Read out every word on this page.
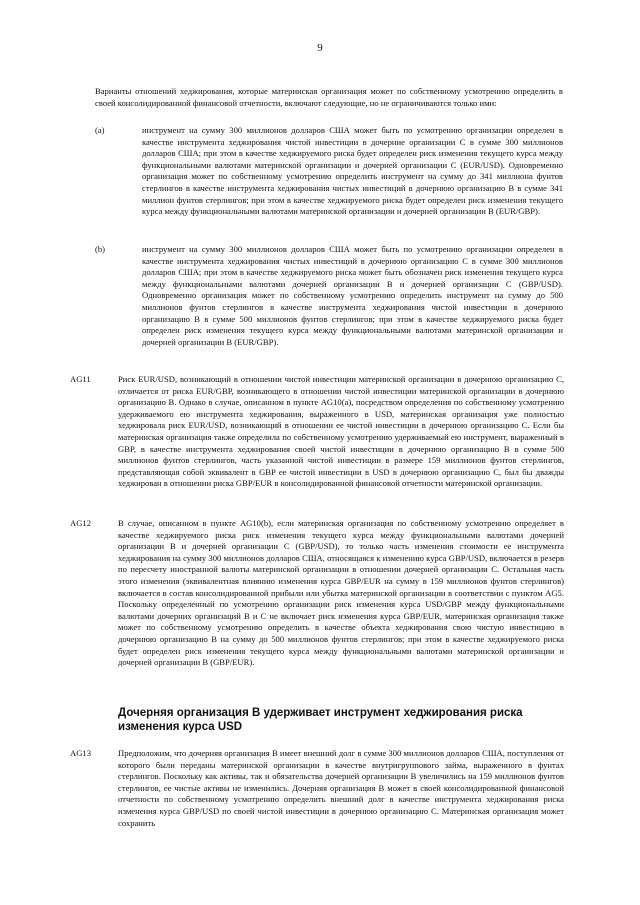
9
Варианты отношений хеджирования, которые материнская организация может по собственному усмотрению определить в своей консолидированной финансовой отчетности, включают следующие, но не ограничиваются только ими:
(a)	инструмент на сумму 300 миллионов долларов США может быть по усмотрению организации определен в качестве инструмента хеджирования чистой инвестиции в дочерние организации С в сумме 300 миллионов долларов США; при этом в качестве хеджируемого риска будет определен риск изменения текущего курса между функциональными валютами материнской организации и дочерней организации С (EUR/USD). Одновременно организация может по собственному усмотрению определить инструмент на сумму до 341 миллиона фунтов стерлингов в качестве инструмента хеджирования чистых инвестиций в дочернюю организацию В в сумме 341 миллион фунтов стерлингов; при этом в качестве хеджируемого риска будет определен риск изменения текущего курса между функциональными валютами материнской организации и дочерней организации В (EUR/GBP).
(b)	инструмент на сумму 300 миллионов долларов США может быть по усмотрению организации определен в качестве инструмента хеджирования чистых инвестиций в дочернюю организацию С в сумме 300 миллионов долларов США; при этом в качестве хеджируемого риска может быть обозначен риск изменения текущего курса между функциональными валютами дочерней организации В и дочерней организации С (GBP/USD). Одновременно организация может по собственному усмотрению определить инструмент на сумму до 500 миллионов фунтов стерлингов в качестве инструмента хеджирования чистой инвестиции в дочернюю организацию В в сумме 500 миллионов фунтов стерлингов; при этом в качестве хеджируемого риска будет определен риск изменения текущего курса между функциональными валютами материнской организации и дочерней организации В (EUR/GBP).
AG11	Риск EUR/USD, возникающий в отношении чистой инвестиции материнской организации в дочернюю организацию С, отличается от риска EUR/GBP, возникающего в отношении чистой инвестиции материнской организации в дочернюю организацию В. Однако в случае, описанном в пункте AG10(a), посредством определения по собственному усмотрению удерживаемого ею инструмента хеджирования, выраженного в USD, материнская организация уже полностью хеджировала риск EUR/USD, возникающий в отношении ее чистой инвестиции в дочернюю организацию С. Если бы материнская организация также определила по собственному усмотрению удерживаемый ею инструмент, выраженный в GBP, в качестве инструмента хеджирования своей чистой инвестиции в дочернюю организацию В в сумме 500 миллионов фунтов стерлингов, часть указанной чистой инвестиции в размере 159 миллионов фунтов стерлингов, представляющая собой эквивалент в GBP ее чистой инвестиции в USD в дочернюю организацию С, был бы дважды хеджирован в отношении риска GBP/EUR в консолидированной финансовой отчетности материнской организации.
AG12	В случае, описанном в пункте AG10(b), если материнская организация по собственному усмотрению определяет в качестве хеджируемого риска риск изменения текущего курса между функциональными валютами дочерней организации В и дочерней организации С (GBP/USD), то только часть изменения стоимости ее инструмента хеджирования на сумму 300 миллионов долларов США, относящаяся к изменению курса GBP/USD, включается в резерв по пересчету иностранной валюты материнской организации в отношении дочерней организации С. Остальная часть этого изменения (эквивалентная влиянию изменения курса GBP/EUR на сумму в 159 миллионов фунтов стерлингов) включается в состав консолидированной прибыли или убытка материнской организации в соответствии с пунктом AG5. Поскольку определенный по усмотрению организации риск изменения курса USD/GBP между функциональными валютами дочерних организаций В и С не включает риск изменения курса GBP/EUR, материнская организация также может по собственному усмотрению определить в качестве объекта хеджирования свою чистую инвестицию в дочернюю организацию В на сумму до 500 миллионов фунтов стерлингов; при этом в качестве хеджируемого риска будет определен риск изменения текущего курса между функциональными валютами материнской организации и дочерней организации В (GBP/EUR).
Дочерняя организация В удерживает инструмент хеджирования риска изменения курса USD
AG13	Предположим, что дочерняя организация В имеет внешний долг в сумме 300 миллионов долларов США, поступления от которого были переданы материнской организации в качестве внутригруппового займа, выраженного в фунтах стерлингов. Поскольку как активы, так и обязательства дочерней организации В увеличились на 159 миллионов фунтов стерлингов, ее чистые активы не изменились. Дочерняя организация В может в своей консолидированной финансовой отчетности по собственному усмотрению определить внешний долг в качестве инструмента хеджирования риска изменения курса GBP/USD по своей чистой инвестиции в дочернюю организацию С. Материнская организация может сохранить
